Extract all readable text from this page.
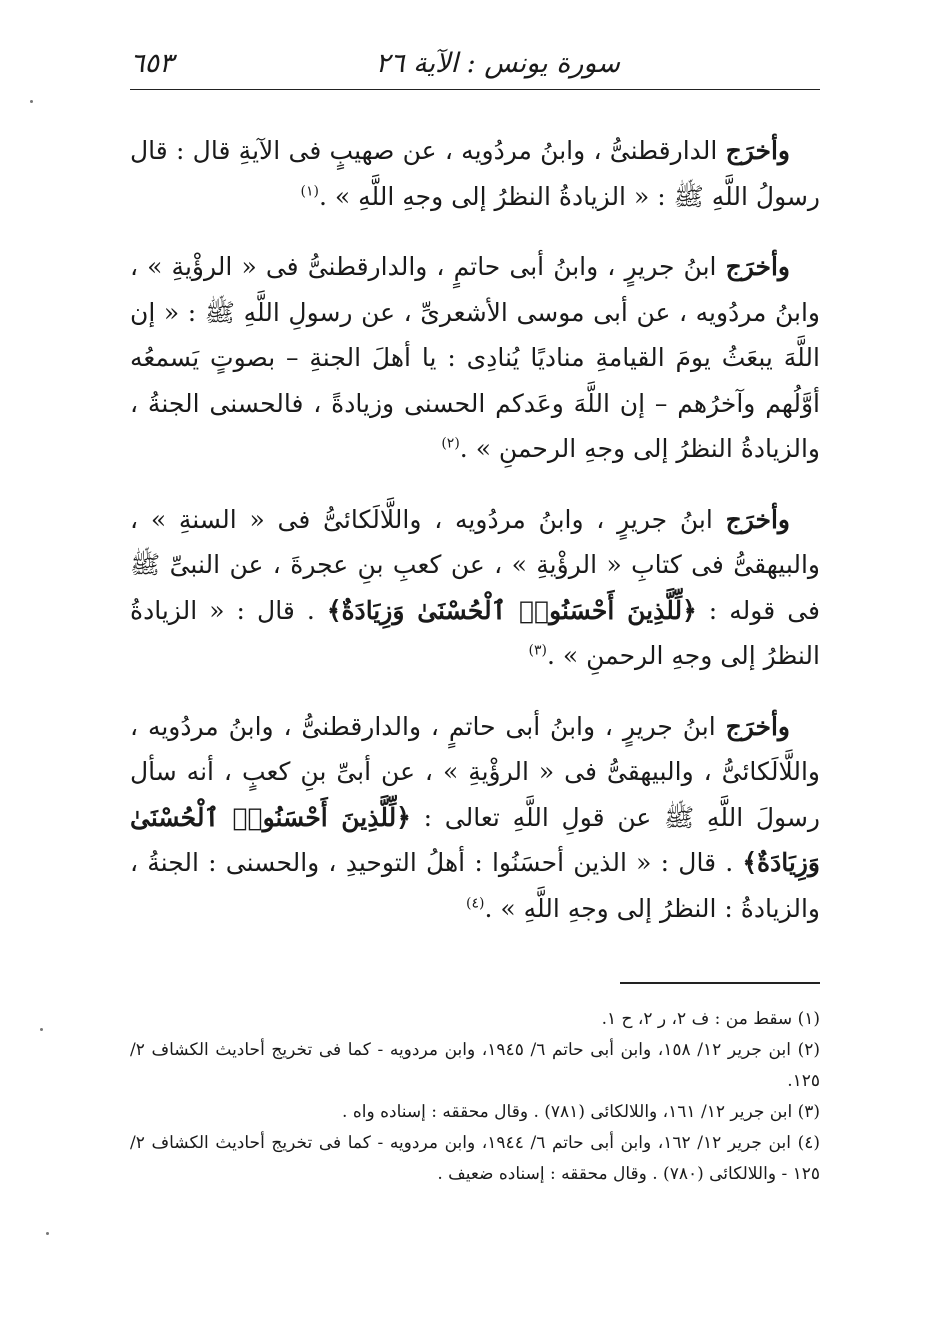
سورة يونس : الآية ٢٦
٦٥٣

وأخرَج الدارقطنىُّ ، وابنُ مردُويه ، عن صهيبٍ فى الآيةِ قال : قال رسولُ اللَّهِ ﷺ : « الزيادةُ النظرُ إلى وجهِ اللَّهِ » .$^{(١)}$

وأخرَج ابنُ جريرٍ ، وابنُ أبى حاتمٍ ، والدارقطنىُّ فى « الرؤْيةِ » ، وابنُ مردُويه ، عن أبى موسى الأشعرىِّ ، عن رسولِ اللَّهِ ﷺ : « إن اللَّهَ يبعَثُ يومَ القيامةِ مناديًا يُنادِى : يا أهلَ الجنةِ – بصوتٍ يَسمعُه أوَّلُهم وآخرُهم – إن اللَّهَ وعَدكم الحسنى وزيادةً ، فالحسنى الجنةُ ، والزيادةُ النظرُ إلى وجهِ الرحمنِ » .$^{(٢)}$

وأخرَج ابنُ جريرٍ ، وابنُ مردُويه ، واللَّالَكائىُّ فى « السنةِ » ، والبيهقىُّ فى كتابِ « الرؤْيةِ » ، عن كعبِ بنِ عجرةَ ، عن النبىِّ ﷺ فى قوله : ﴿لِّلَّذِينَ أَحْسَنُوا۟ ٱلْحُسْنَىٰ وَزِيَادَةٌ﴾ . قال : « الزيادةُ النظرُ إلى وجهِ الرحمنِ » .$^{(٣)}$

وأخرَج ابنُ جريرٍ ، وابنُ أبى حاتمٍ ، والدارقطنىُّ ، وابنُ مردُويه ، واللَّالَكائىُّ ، والبيهقىُّ فى « الرؤْيةِ » ، عن أبىِّ بنِ كعبٍ ، أنه سأل رسولَ اللَّهِ ﷺ عن قولِ اللَّهِ تعالى : ﴿لِّلَّذِينَ أَحْسَنُوا۟ ٱلْحُسْنَىٰ وَزِيَادَةٌ﴾ . قال : « الذين أحسَنُوا : أهلُ التوحيدِ ، والحسنى : الجنةُ ، والزيادةُ : النظرُ إلى وجهِ اللَّهِ » .$^{(٤)}$

(١) سقط من : ف ٢، ر ٢، ح ١.

(٢) ابن جرير ١٢/ ١٥٨، وابن أبى حاتم ٦/ ١٩٤٥، وابن مردويه - كما فى تخريج أحاديث الكشاف ٢/ ١٢٥.

(٣) ابن جرير ١٢/ ١٦١، واللالكائى (٧٨١) . وقال محققه : إسناده واه .

(٤) ابن جرير ١٢/ ١٦٢، وابن أبى حاتم ٦/ ١٩٤٤، وابن مردويه - كما فى تخريج أحاديث الكشاف ٢/ ١٢٥ - واللالكائى (٧٨٠) . وقال محققه : إسناده ضعيف .
